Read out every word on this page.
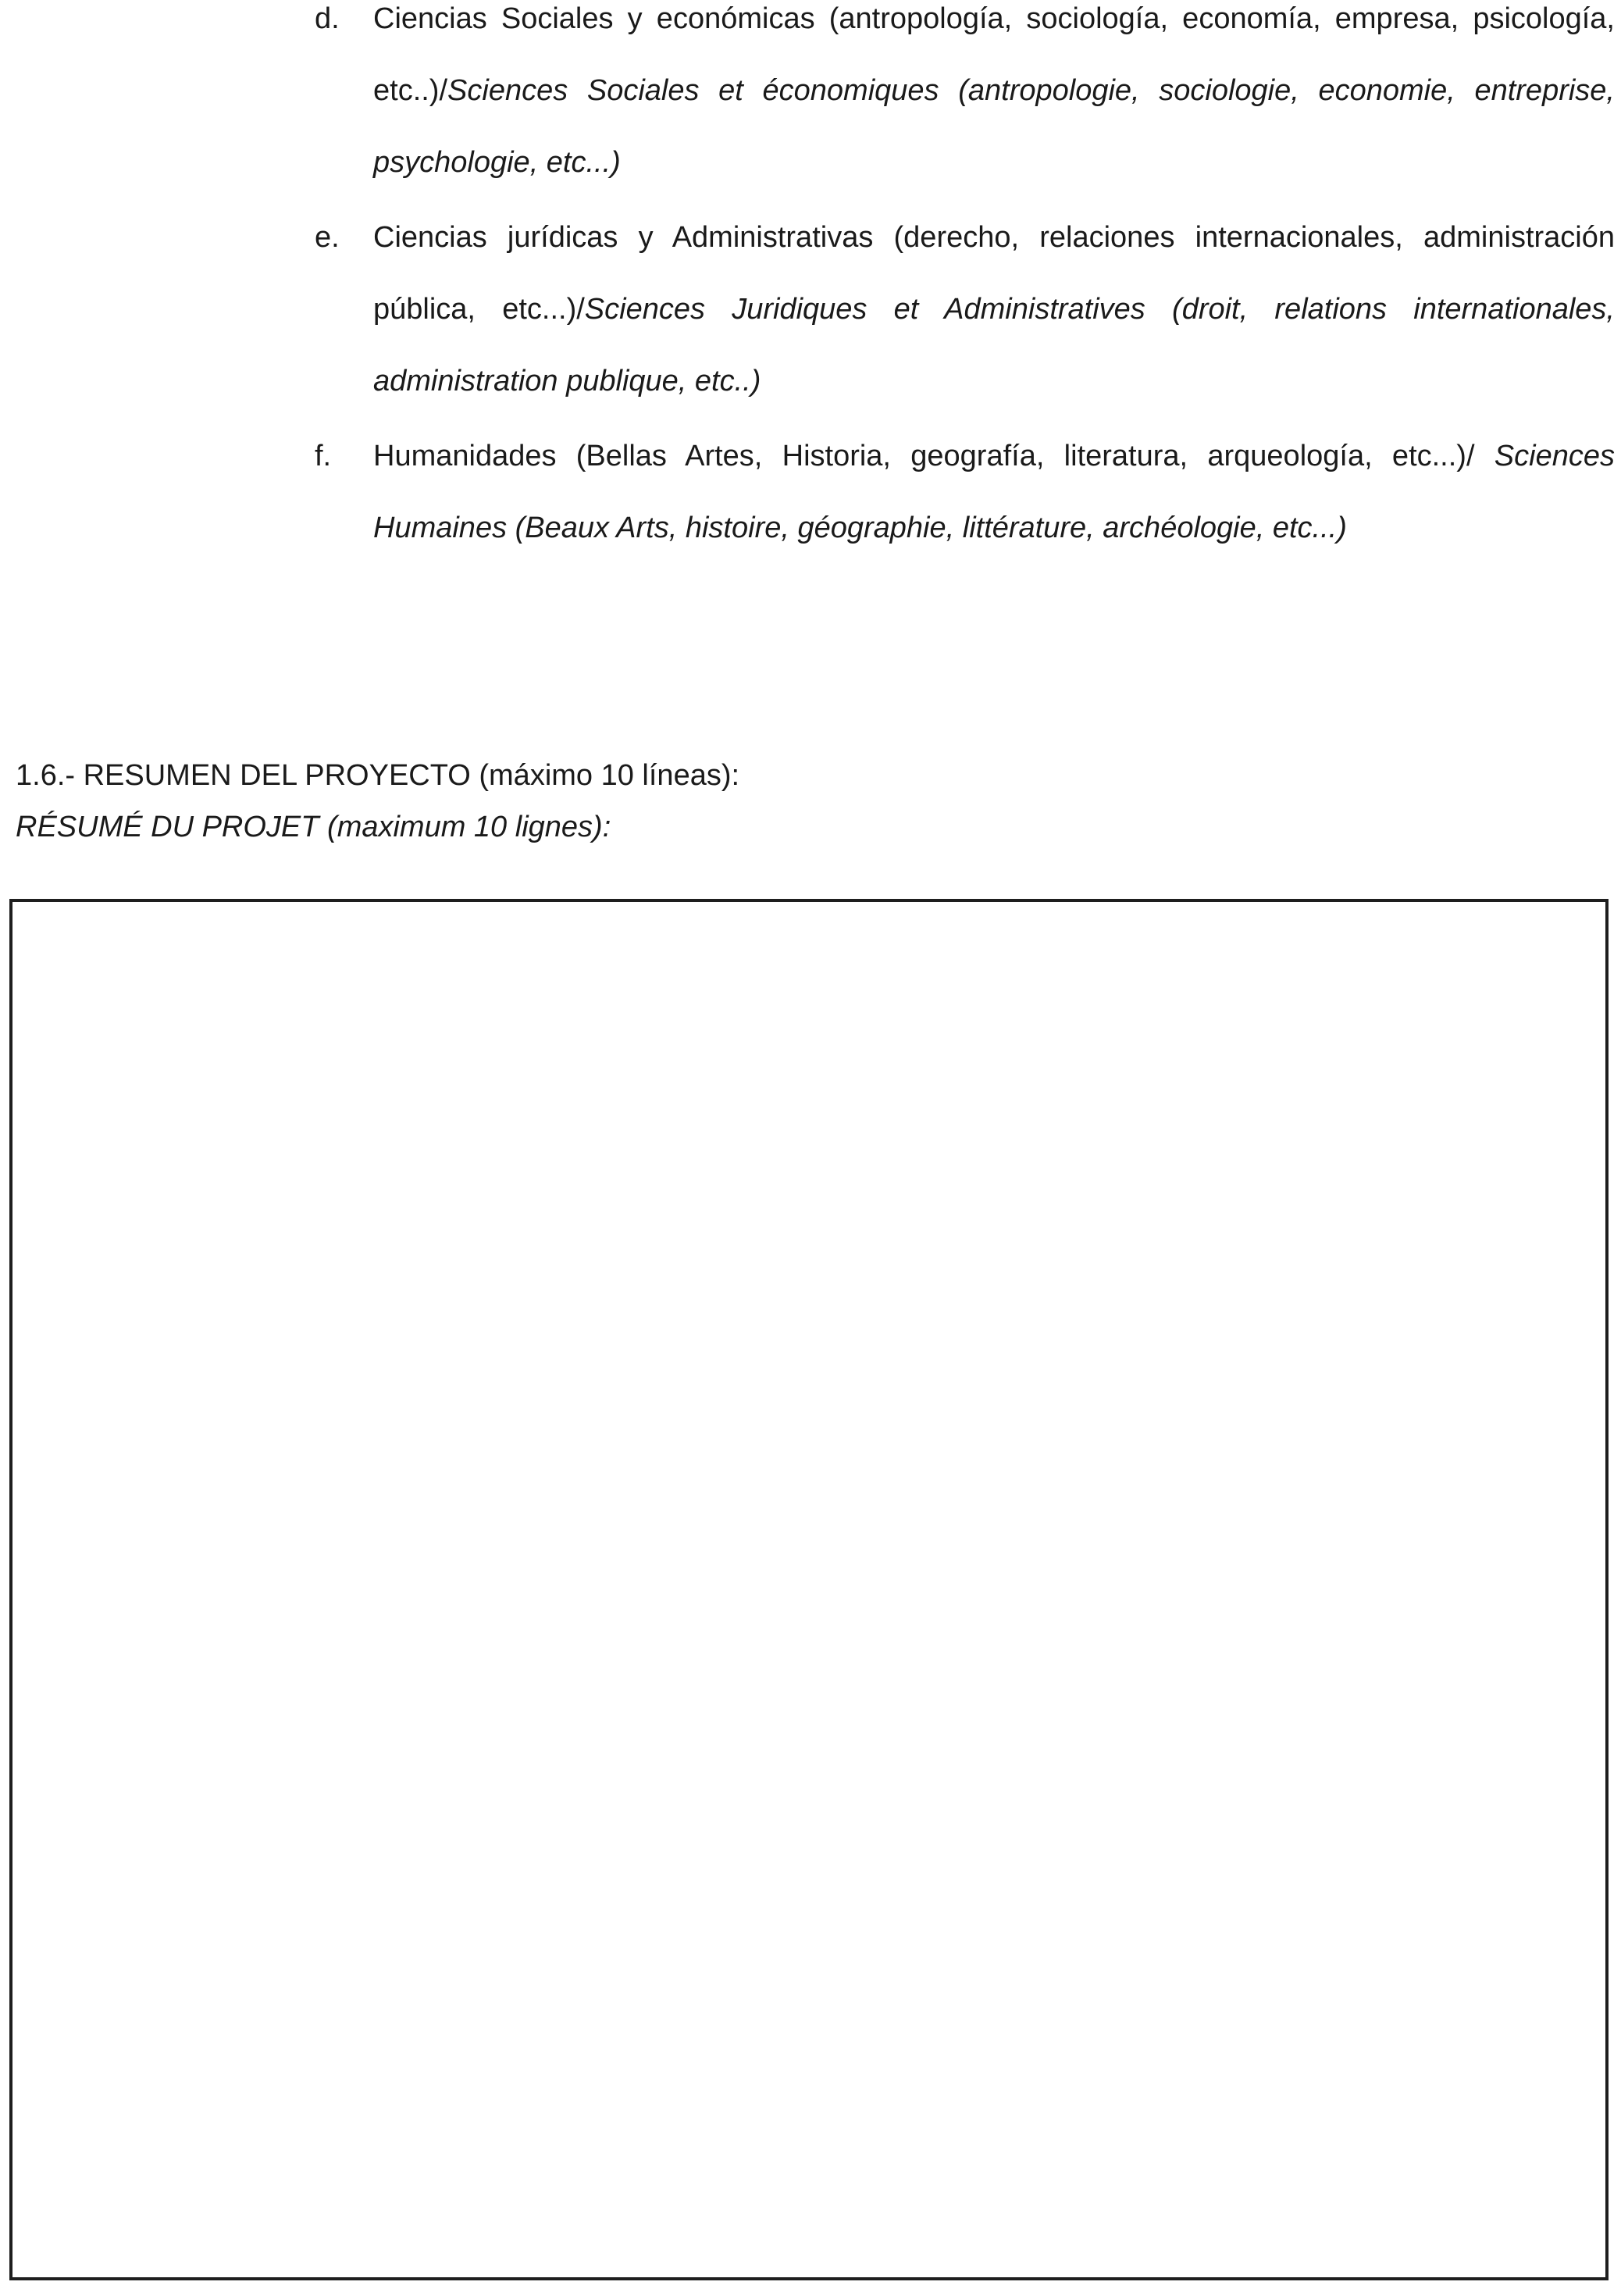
d. Ciencias Sociales y económicas (antropología, sociología, economía, empresa, psicología, etc..)/Sciences Sociales et économiques (antropologie, sociologie, economie, entreprise, psychologie, etc...)
e. Ciencias jurídicas y Administrativas (derecho, relaciones internacionales, administración pública, etc...)/Sciences Juridiques et Administratives (droit, relations internationales, administration publique, etc..)
f. Humanidades (Bellas Artes, Historia, geografía, literatura, arqueología, etc...)/ Sciences Humaines (Beaux Arts, histoire, géographie, littérature, archéologie, etc...)
1.6.- RESUMEN DEL PROYECTO (máximo 10 líneas):
RÉSUMÉ DU PROJET (maximum 10 lignes):
